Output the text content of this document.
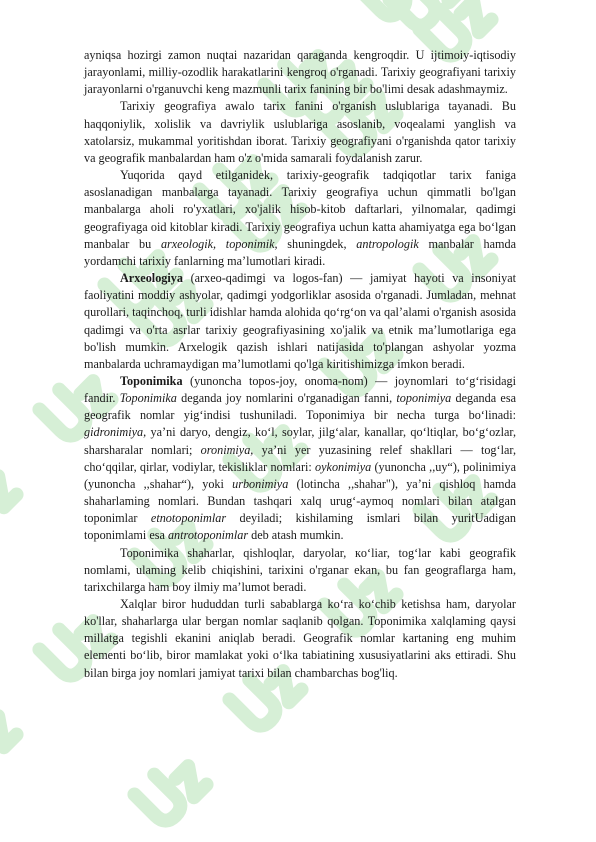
ayniqsa hozirgi zamon nuqtai nazaridan qaraganda kengroqdir. U ijtimoiy-iqtisodiy jarayonlami, milliy-ozodlik harakatlarini kengroq o'rganadi. Tarixiy geografiyani tarixiy jarayonlarni o'rganuvchi keng mazmunli tarix fanining bir bo'limi desak adashmaymiz.

Tarixiy geografiya awalo tarix fanini o'rganish uslublariga tayanadi. Bu haqqoniylik, xolislik va davriylik uslublariga asoslanib, voqealami yanglish va xatolarsiz, mukammal yoritishdan iborat. Tarixiy geografiyani o'rganishda qator tarixiy va geografik manbalardan ham o'z o'mida samarali foydalanish zarur.

Yuqorida qayd etilganidek, tarixiy-geografik tadqiqotlar tarix faniga asoslanadigan manbalarga tayanadi. Tarixiy geografiya uchun qimmatli bo'lgan manbalarga aholi ro'yxatlari, xo'jalik hisob-kitob daftarlari, yilnomalar, qadimgi geografiyaga oid kitoblar kiradi. Tarixiy geografiya uchun katta ahamiyatga ega bo‘lgan manbalar bu arxeologik, toponimik, shuningdek, antropologik manbalar hamda yordamchi tarixiy fanlarning ma’lumotlari kiradi.

Arxeologiya (arxeo-qadimgi va logos-fan) — jamiyat hayoti va insoniyat faoliyatini moddiy ashyolar, qadimgi yodgorliklar asosida o'rganadi. Jumladan, mehnat qurollari, taqinchoq, turli idishlar hamda alohida qo‘rg‘on va qal’alami o'rganish asosida qadimgi va o'rta asrlar tarixiy geografiyasining xo'jalik va etnik ma’lumotlariga ega bo'lish mumkin. Arxelogik qazish ishlari natijasida to'plangan ashyolar yozma manbalarda uchramaydigan ma’lumotlami qo'lga kiritishimizga imkon beradi.

Toponimika (yunoncha topos-joy, onoma-nom) — joynomlari to‘g‘risidagi fandir. Toponimika deganda joy nomlarini o'rganadigan fanni, toponimiya deganda esa geografik nomlar yig‘indisi tushuniladi. Toponimiya bir necha turga bo‘linadi: gidronimiya, ya’ni daryo, dengiz, ko‘l, soylar, jilg‘alar, kanallar, qo‘ltiqlar, bo‘g‘ozlar, sharsharalar nomlari; oronimiya, ya’ni yer yuzasining relef shakllari — tog‘lar, cho‘qqilar, qirlar, vodiylar, tekisliklar nomlari: oykonimiya (yunoncha ,,uy“), polinimiya (yunoncha ,,shahar“), yoki urbonimiya (lotincha ,,shahar"), ya’ni qishloq hamda shaharlaming nomlari. Bundan tashqari xalq urug‘-aymoq nomlari bilan atalgan toponimlar etnotoponimlar deyiladi; kishilaming ismlari bilan yuritUadigan toponimlami esa antrotoponimlar deb atash mumkin.

Toponimika shaharlar, qishloqlar, daryolar, кo‘liar, tog‘lar kabi geografik nomlami, ulaming kelib chiqishini, tarixini o'rganar ekan, bu fan geograflarga ham, tarixchilarga ham boy ilmiy ma’lumot beradi.

Xalqlar biror hududdan turli sabablarga ko‘ra ko‘chib ketishsa ham, daryolar ko'llar, shaharlarga ular bergan nomlar saqlanib qolgan. Toponimika xalqlaming qaysi millatga tegishli ekanini aniqlab beradi. Geografik nomlar kartaning eng muhim elementi bo‘lib, biror mamlakat yoki o‘lka tabiatining xususiyatlarini aks ettiradi. Shu bilan birga joy nomlari jamiyat tarixi bilan chambarchas bog'liq.
